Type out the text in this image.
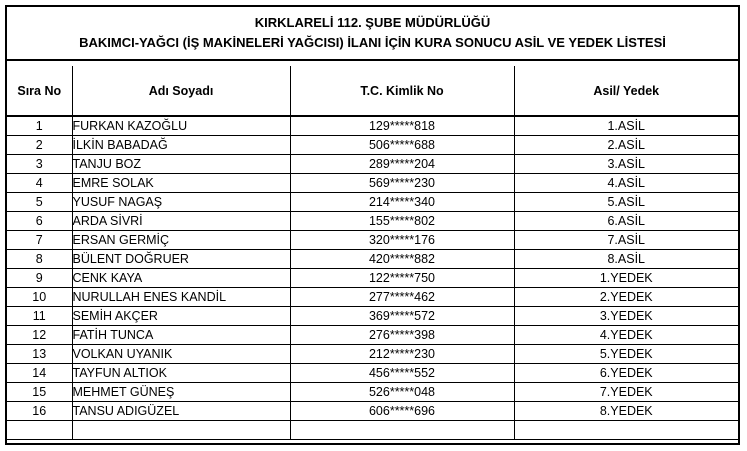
KIRKLARELİ 112. ŞUBE MÜDÜRLÜĞÜ
BAKIMCI-YAĞCI (İŞ MAKİNELERİ YAĞCISI) İLANI İÇİN KURA SONUCU ASİL VE YEDEK LİSTESİ
Sıra No	Adı Soyadı	T.C. Kimlik No	Asil/ Yedek
1	FURKAN KAZOĞLU	129*****818	1.ASİL
2	İLKİN BABADAĞ	506*****688	2.ASİL
3	TANJU BOZ	289*****204	3.ASİL
4	EMRE SOLAK	569*****230	4.ASİL
5	YUSUF NAGAŞ	214*****340	5.ASİL
6	ARDA SİVRİ	155*****802	6.ASİL
7	ERSAN GERMİÇ	320*****176	7.ASİL
8	BÜLENT DOĞRUER	420*****882	8.ASİL
9	CENK KAYA	122*****750	1.YEDEK
10	NURULLAH ENES KANDİL	277*****462	2.YEDEK
11	SEMİH AKÇER	369*****572	3.YEDEK
12	FATİH TUNCA	276*****398	4.YEDEK
13	VOLKAN UYANIK	212*****230	5.YEDEK
14	TAYFUN ALTIOK	456*****552	6.YEDEK
15	MEHMET GÜNEŞ	526*****048	7.YEDEK
16	TANSU ADIGÜZEL	606*****696	8.YEDEK
